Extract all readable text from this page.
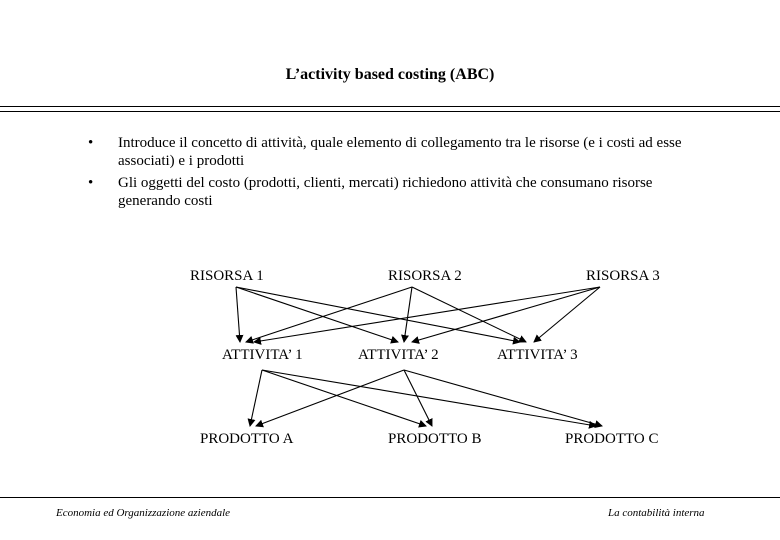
L’activity based costing (ABC)
• Introduce il concetto di attività, quale elemento di collegamento tra le risorse (e i costi ad esse associati) e i prodotti
• Gli oggetti del costo (prodotti, clienti, mercati) richiedono attività che consumano risorse generando costi
RISORSA 1	RISORSA 2	RISORSA 3
ATTIVITA’ 1	ATTIVITA’ 2	ATTIVITA’ 3
PRODOTTO A	PRODOTTO B	PRODOTTO C
Economia ed Organizzazione aziendale	La contabilità interna
